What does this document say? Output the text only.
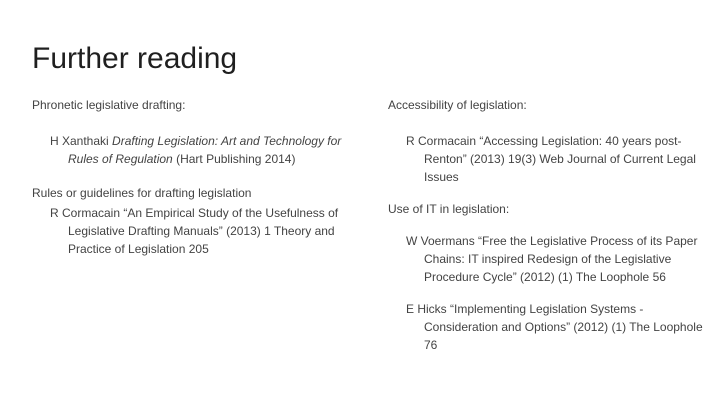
Further reading
Phronetic legislative drafting:
H Xanthaki Drafting Legislation: Art and Technology for Rules of Regulation (Hart Publishing 2014)
Rules or guidelines for drafting legislation
R Cormacain “An Empirical Study of the Usefulness of Legislative Drafting Manuals” (2013) 1 Theory and Practice of Legislation 205
Accessibility of legislation:
R Cormacain “Accessing Legislation: 40 years post-Renton” (2013) 19(3) Web Journal of Current Legal Issues
Use of IT in legislation:
W Voermans “Free the Legislative Process of its Paper Chains: IT inspired Redesign of the Legislative Procedure Cycle” (2012) (1) The Loophole 56
E Hicks “Implementing Legislation Systems - Consideration and Options” (2012) (1) The Loophole 76
